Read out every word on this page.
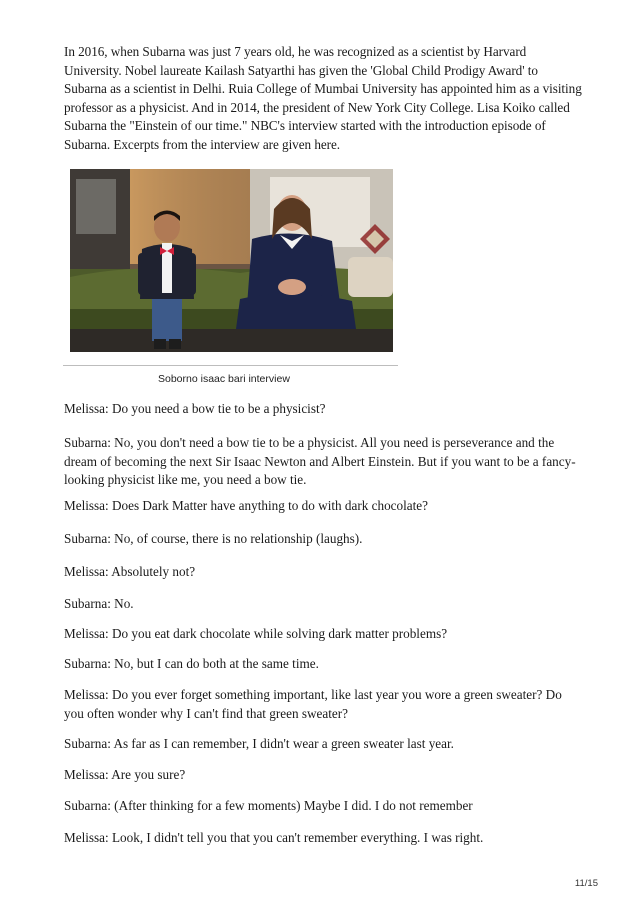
In 2016, when Subarna was just 7 years old, he was recognized as a scientist by Harvard University. Nobel laureate Kailash Satyarthi has given the 'Global Child Prodigy Award' to Subarna as a scientist in Delhi. Ruia College of Mumbai University has appointed him as a visiting professor as a physicist. And in 2014, the president of New York City College. Lisa Koiko called Subarna the "Einstein of our time." NBC's interview started with the introduction episode of Subarna. Excerpts from the interview are given here.

Soborno isaac bari interview

Melissa: Do you need a bow tie to be a physicist?

Subarna: No, you don't need a bow tie to be a physicist. All you need is perseverance and the dream of becoming the next Sir Isaac Newton and Albert Einstein. But if you want to be a fancy-looking physicist like me, you need a bow tie.

Melissa: Does Dark Matter have anything to do with dark chocolate?

Subarna: No, of course, there is no relationship (laughs).

Melissa: Absolutely not?

Subarna: No.

Melissa: Do you eat dark chocolate while solving dark matter problems?

Subarna: No, but I can do both at the same time.

Melissa: Do you ever forget something important, like last year you wore a green sweater? Do you often wonder why I can't find that green sweater?

Subarna: As far as I can remember, I didn't wear a green sweater last year.

Melissa: Are you sure?

Subarna: (After thinking for a few moments) Maybe I did. I do not remember

Melissa: Look, I didn't tell you that you can't remember everything. I was right.

11/15
